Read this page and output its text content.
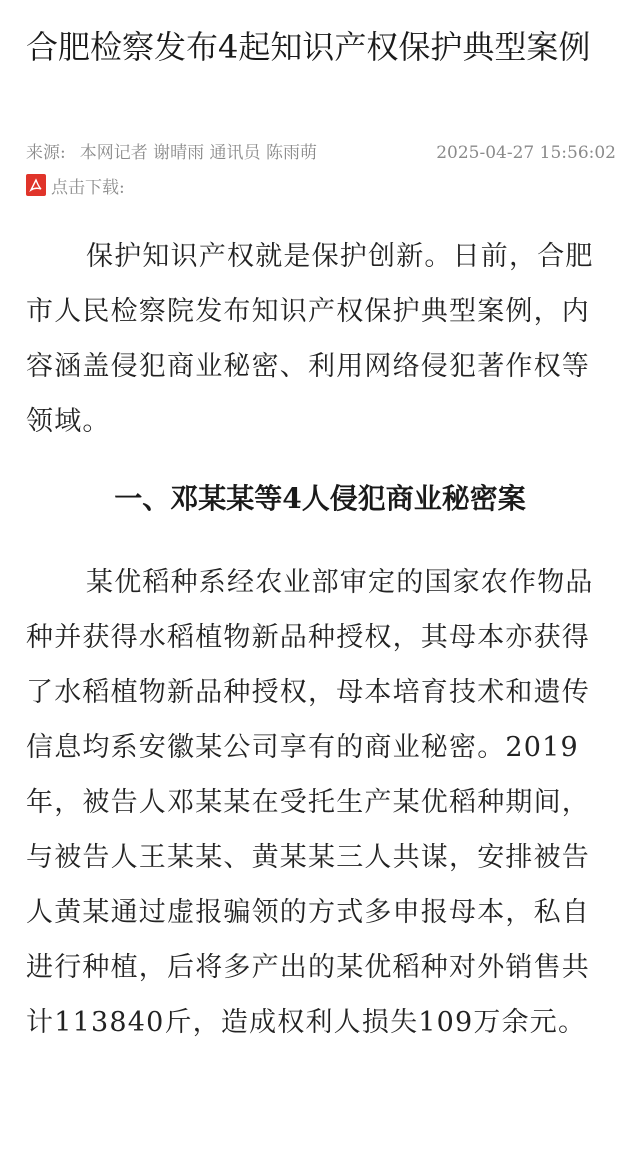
合肥检察发布4起知识产权保护典型案例
来源: 本网记者 谢晴雨 通讯员 陈雨萌	2025-04-27 15:56:02
点击下载:

保护知识产权就是保护创新。日前，合肥市人民检察院发布知识产权保护典型案例，内容涵盖侵犯商业秘密、利用网络侵犯著作权等领域。

一、邓某某等4人侵犯商业秘密案

某优稻种系经农业部审定的国家农作物品种并获得水稻植物新品种授权，其母本亦获得了水稻植物新品种授权，母本培育技术和遗传信息均系安徽某公司享有的商业秘密。2019年，被告人邓某某在受托生产某优稻种期间，与被告人王某某、黄某某三人共谋，安排被告人黄某通过虚报骗领的方式多申报母本，私自进行种植，后将多产出的某优稻种对外销售共计113840斤，造成权利人损失109万余元。
